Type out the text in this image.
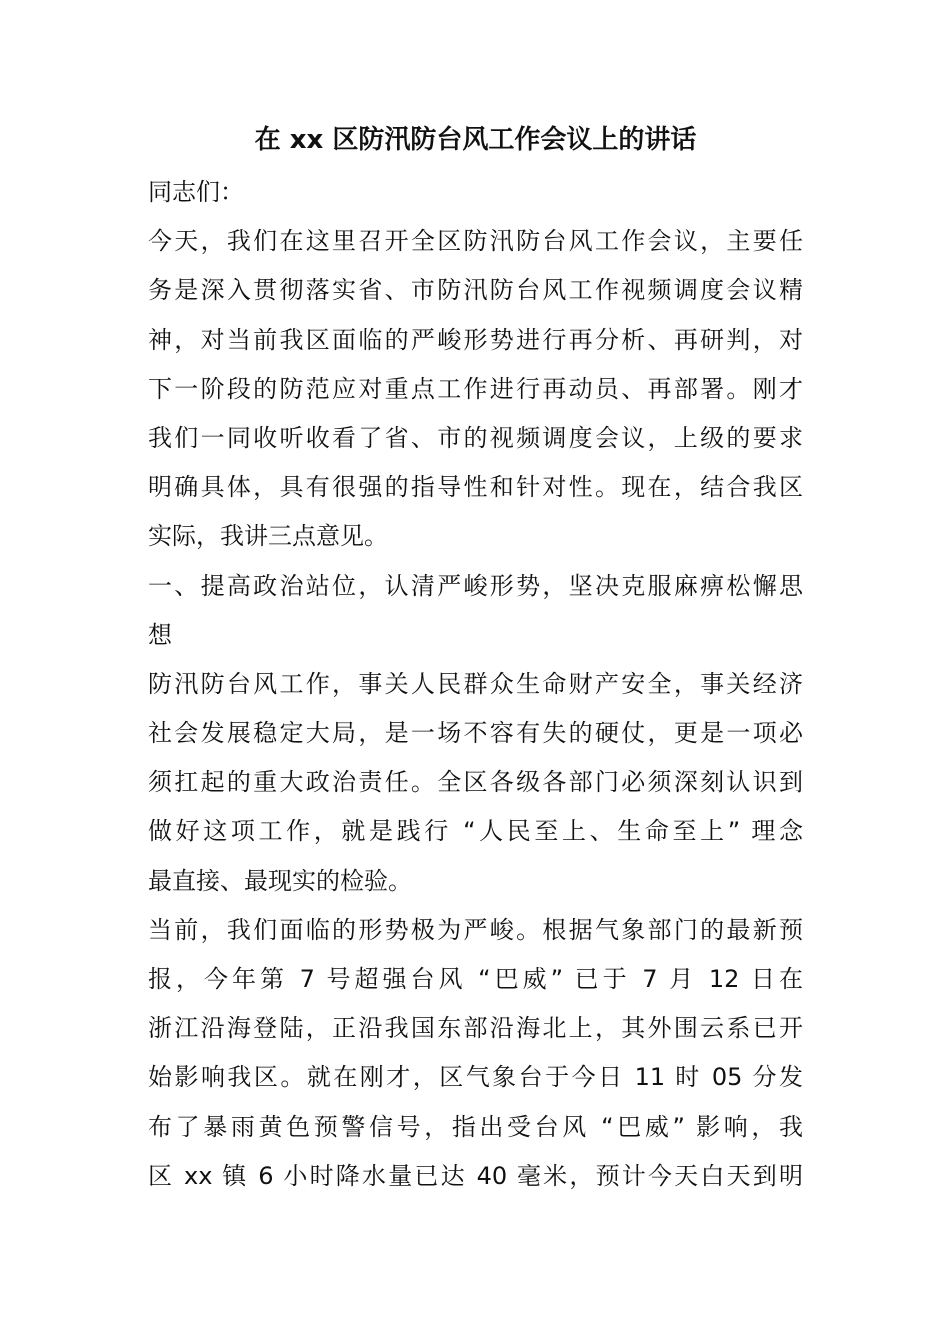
在 xx 区防汛防台风工作会议上的讲话
同志们：
今天，我们在这里召开全区防汛防台风工作会议，主要任
务是深入贯彻落实省、市防汛防台风工作视频调度会议精
神，对当前我区面临的严峻形势进行再分析、再研判，对
下一阶段的防范应对重点工作进行再动员、再部署。刚才
我们一同收听收看了省、市的视频调度会议，上级的要求
明确具体，具有很强的指导性和针对性。现在，结合我区
实际，我讲三点意见。
一、提高政治站位，认清严峻形势，坚决克服麻痹松懈思
想
防汛防台风工作，事关人民群众生命财产安全，事关经济
社会发展稳定大局，是一场不容有失的硬仗，更是一项必
须扛起的重大政治责任。全区各级各部门必须深刻认识到
做好这项工作，就是践行 “人民至上、生命至上” 理念
最直接、最现实的检验。
当前，我们面临的形势极为严峻。根据气象部门的最新预
报，今年第 7 号超强台风 “巴威” 已于 7 月 12 日在
浙江沿海登陆，正沿我国东部沿海北上，其外围云系已开
始影响我区。就在刚才，区气象台于今日 11 时 05 分发
布了暴雨黄色预警信号，指出受台风 “巴威” 影响，我
区 xx 镇 6 小时降水量已达 40 毫米，预计今天白天到明
